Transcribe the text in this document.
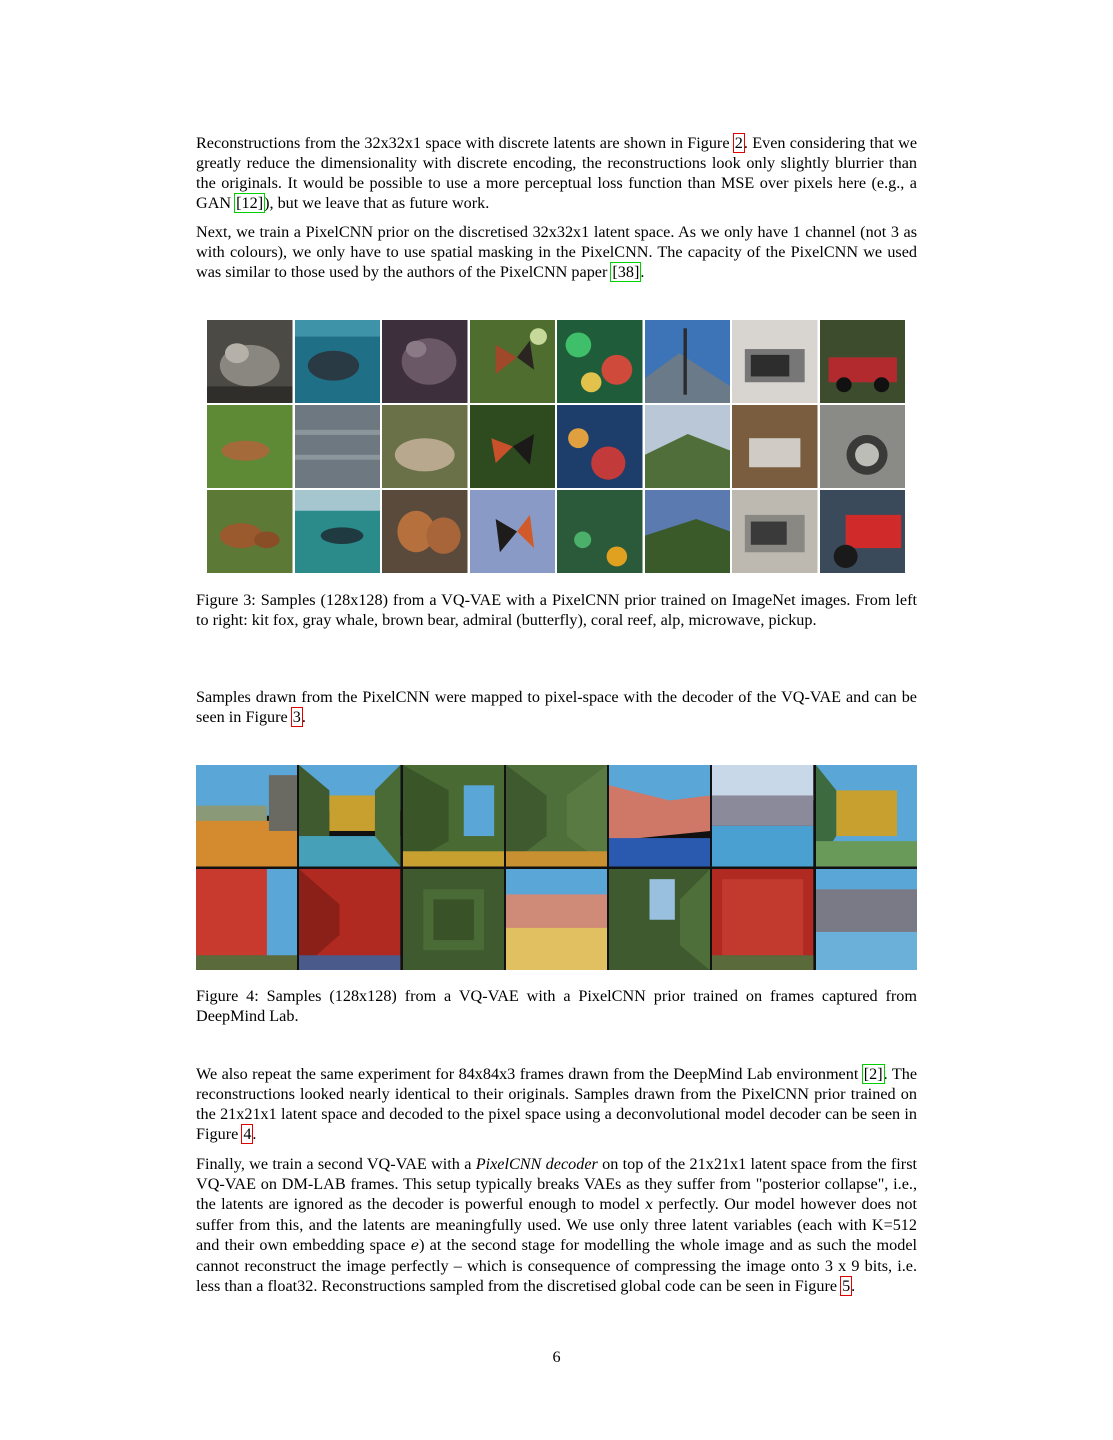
Reconstructions from the 32x32x1 space with discrete latents are shown in Figure 2. Even considering that we greatly reduce the dimensionality with discrete encoding, the reconstructions look only slightly blurrier than the originals. It would be possible to use a more perceptual loss function than MSE over pixels here (e.g., a GAN [12]), but we leave that as future work.

Next, we train a PixelCNN prior on the discretised 32x32x1 latent space. As we only have 1 channel (not 3 as with colours), we only have to use spatial masking in the PixelCNN. The capacity of the PixelCNN we used was similar to those used by the authors of the PixelCNN paper [38].

Figure 3: Samples (128x128) from a VQ-VAE with a PixelCNN prior trained on ImageNet images. From left to right: kit fox, gray whale, brown bear, admiral (butterfly), coral reef, alp, microwave, pickup.

Samples drawn from the PixelCNN were mapped to pixel-space with the decoder of the VQ-VAE and can be seen in Figure 3.

Figure 4: Samples (128x128) from a VQ-VAE with a PixelCNN prior trained on frames captured from DeepMind Lab.

We also repeat the same experiment for 84x84x3 frames drawn from the DeepMind Lab environment [2]. The reconstructions looked nearly identical to their originals. Samples drawn from the PixelCNN prior trained on the 21x21x1 latent space and decoded to the pixel space using a deconvolutional model decoder can be seen in Figure 4.

Finally, we train a second VQ-VAE with a PixelCNN decoder on top of the 21x21x1 latent space from the first VQ-VAE on DM-LAB frames. This setup typically breaks VAEs as they suffer from "posterior collapse", i.e., the latents are ignored as the decoder is powerful enough to model x perfectly. Our model however does not suffer from this, and the latents are meaningfully used. We use only three latent variables (each with K=512 and their own embedding space e) at the second stage for modelling the whole image and as such the model cannot reconstruct the image perfectly – which is consequence of compressing the image onto 3 x 9 bits, i.e. less than a float32. Reconstructions sampled from the discretised global code can be seen in Figure 5.

6
